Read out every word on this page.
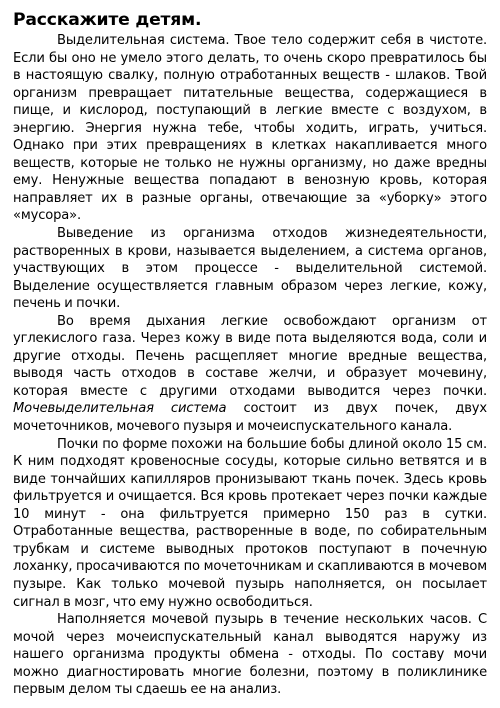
Расскажите детям.

Выделительная система. Твое тело содержит себя в чистоте. Если бы оно не умело этого делать, то очень скоро превратилось бы в настоящую свалку, полную отработанных веществ - шлаков. Твой организм превращает питательные вещества, содержащиеся в пище, и кислород, поступающий в легкие вместе с воздухом, в энергию. Энергия нужна тебе, чтобы ходить, играть, учиться. Однако при этих превращениях в клетках накапливается много веществ, которые не только не нужны организму, но даже вредны ему. Ненужные вещества попадают в венозную кровь, которая направляет их в разные органы, отвечающие за «уборку» этого «мусора».

Выведение из организма отходов жизнедеятельности, растворенных в крови, называется выделением, а система органов, участвующих в этом процессе - выделительной системой. Выделение осуществляется главным образом через легкие, кожу, печень и почки.

Во время дыхания легкие освобождают организм от углекислого газа. Через кожу в виде пота выделяются вода, соли и другие отходы. Печень расщепляет многие вредные вещества, выводя часть отходов в составе желчи, и образует мочевину, которая вместе с другими отходами выводится через почки. Мочевыделительная система состоит из двух почек, двух мочеточников, мочевого пузыря и мочеиспускательного канала.

Почки по форме похожи на большие бобы длиной около 15 см. К ним подходят кровеносные сосуды, которые сильно ветвятся и в виде тончайших капилляров пронизывают ткань почек. Здесь кровь фильтруется и очищается. Вся кровь протекает через почки каждые 10 минут - она фильтруется примерно 150 раз в сутки. Отработанные вещества, растворенные в воде, по собирательным трубкам и системе выводных протоков поступают в почечную лоханку, просачиваются по мочеточникам и скапливаются в мочевом пузыре. Как только мочевой пузырь наполняется, он посылает сигнал в мозг, что ему нужно освободиться.

Наполняется мочевой пузырь в течение нескольких часов. С мочой через мочеиспускательный канал выводятся наружу из нашего организма продукты обмена - отходы. По составу мочи можно диагностировать многие болезни, поэтому в поликлинике первым делом ты сдаешь ее на анализ.
